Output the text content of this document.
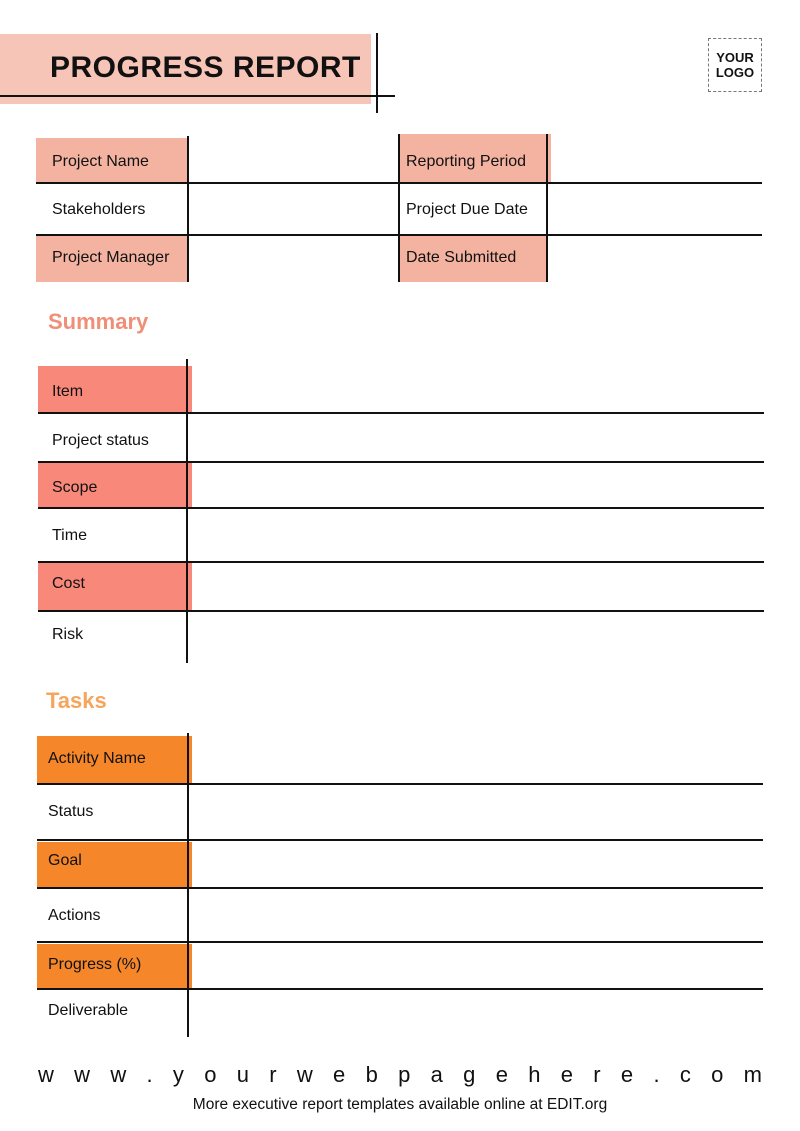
PROGRESS REPORT	YOUR
LOGO
Project Name
Stakeholders
Project Manager
Reporting Period
Project Due Date
Date Submitted
Summary
Item
Project status
Scope
Time
Cost
Risk
Tasks
Activity Name
Status
Goal
Actions
Progress (%)
Deliverable
w w w . y o u r w e b p a g e h e r e . c o m
More executive report templates available online at EDIT.org
